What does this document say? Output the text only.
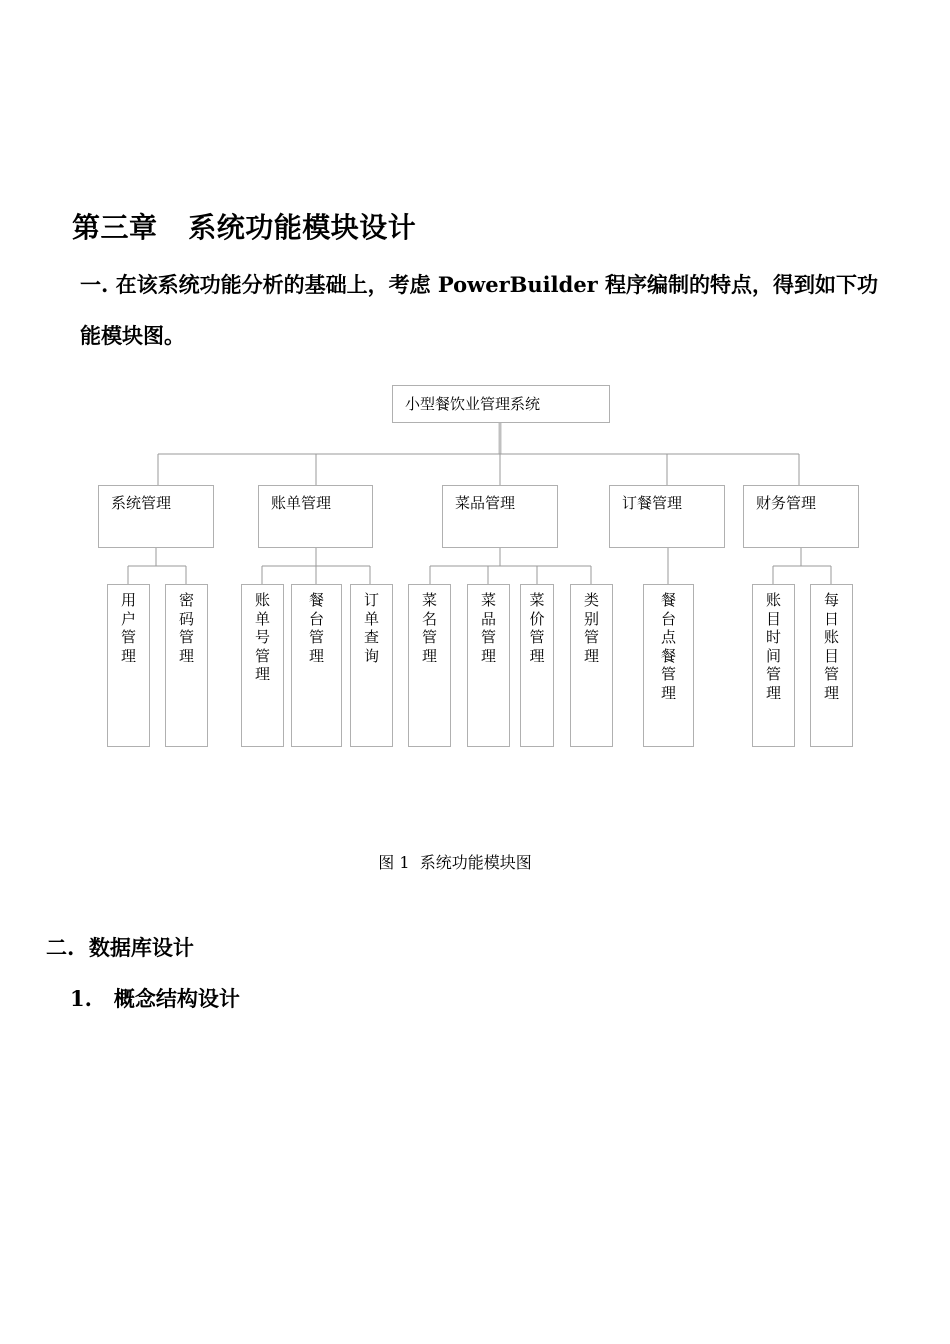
第三章   系统功能模块设计
一. 在该系统功能分析的基础上，考虑 PowerBuilder 程序编制的特点，得到如下功
能模块图。
小型餐饮业管理系统
系统管理	账单管理	菜品管理	订餐管理	财务管理
用户管理
密码管理
账单号管理
餐台管理
订单查询
菜名管理
菜品管理
菜价管理
类别管理
餐台点餐管理
账目时间管理
每日账目管理
图 1  系统功能模块图
二.  数据库设计
1.   概念结构设计
